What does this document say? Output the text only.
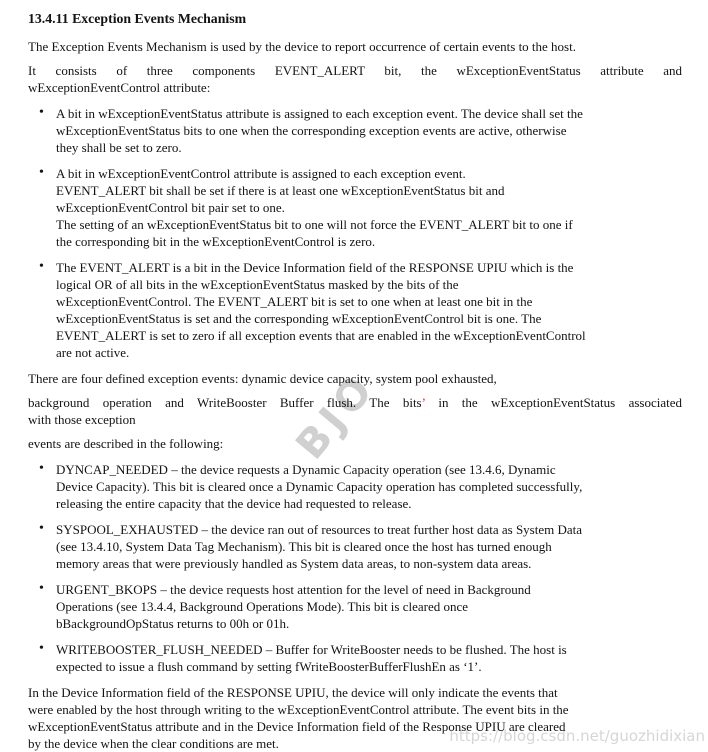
BJO
https://blog.csdn.net/guozhidixian
13.4.11 Exception Events Mechanism
The Exception Events Mechanism is used by the device to report occurrence of certain events to the host.
It consists of three components EVENT_ALERT bit, the wExceptionEventStatus attribute and
wExceptionEventControl attribute:
• A bit in wExceptionEventStatus attribute is assigned to each exception event. The device shall set the
wExceptionEventStatus bits to one when the corresponding exception events are active, otherwise
they shall be set to zero.
• A bit in wExceptionEventControl attribute is assigned to each exception event.
EVENT_ALERT bit shall be set if there is at least one wExceptionEventStatus bit and
wExceptionEventControl bit pair set to one.
The setting of an wExceptionEventStatus bit to one will not force the EVENT_ALERT bit to one if
the corresponding bit in the wExceptionEventControl is zero.
• The EVENT_ALERT is a bit in the Device Information field of the RESPONSE UPIU which is the
logical OR of all bits in the wExceptionEventStatus masked by the bits of the
wExceptionEventControl. The EVENT_ALERT bit is set to one when at least one bit in the
wExceptionEventStatus is set and the corresponding wExceptionEventControl bit is one. The
EVENT_ALERT is set to zero if all exception events that are enabled in the wExceptionEventControl
are not active.
There are four defined exception events: dynamic device capacity, system pool exhausted,
background operation and WriteBooster Buffer flush. The bits’ in the wExceptionEventStatus associated
with those exception
events are described in the following:
• DYNCAP_NEEDED – the device requests a Dynamic Capacity operation (see 13.4.6, Dynamic
Device Capacity). This bit is cleared once a Dynamic Capacity operation has completed successfully,
releasing the entire capacity that the device had requested to release.
• SYSPOOL_EXHAUSTED – the device ran out of resources to treat further host data as System Data
(see 13.4.10, System Data Tag Mechanism). This bit is cleared once the host has turned enough
memory areas that were previously handled as System data areas, to non-system data areas.
• URGENT_BKOPS – the device requests host attention for the level of need in Background
Operations (see 13.4.4, Background Operations Mode). This bit is cleared once
bBackgroundOpStatus returns to 00h or 01h.
• WRITEBOOSTER_FLUSH_NEEDED – Buffer for WriteBooster needs to be flushed. The host is
expected to issue a flush command by setting fWriteBoosterBufferFlushEn as ‘1’.
In the Device Information field of the RESPONSE UPIU, the device will only indicate the events that
were enabled by the host through writing to the wExceptionEventControl attribute. The event bits in the
wExceptionEventStatus attribute and in the Device Information field of the Response UPIU are cleared
by the device when the clear conditions are met.
